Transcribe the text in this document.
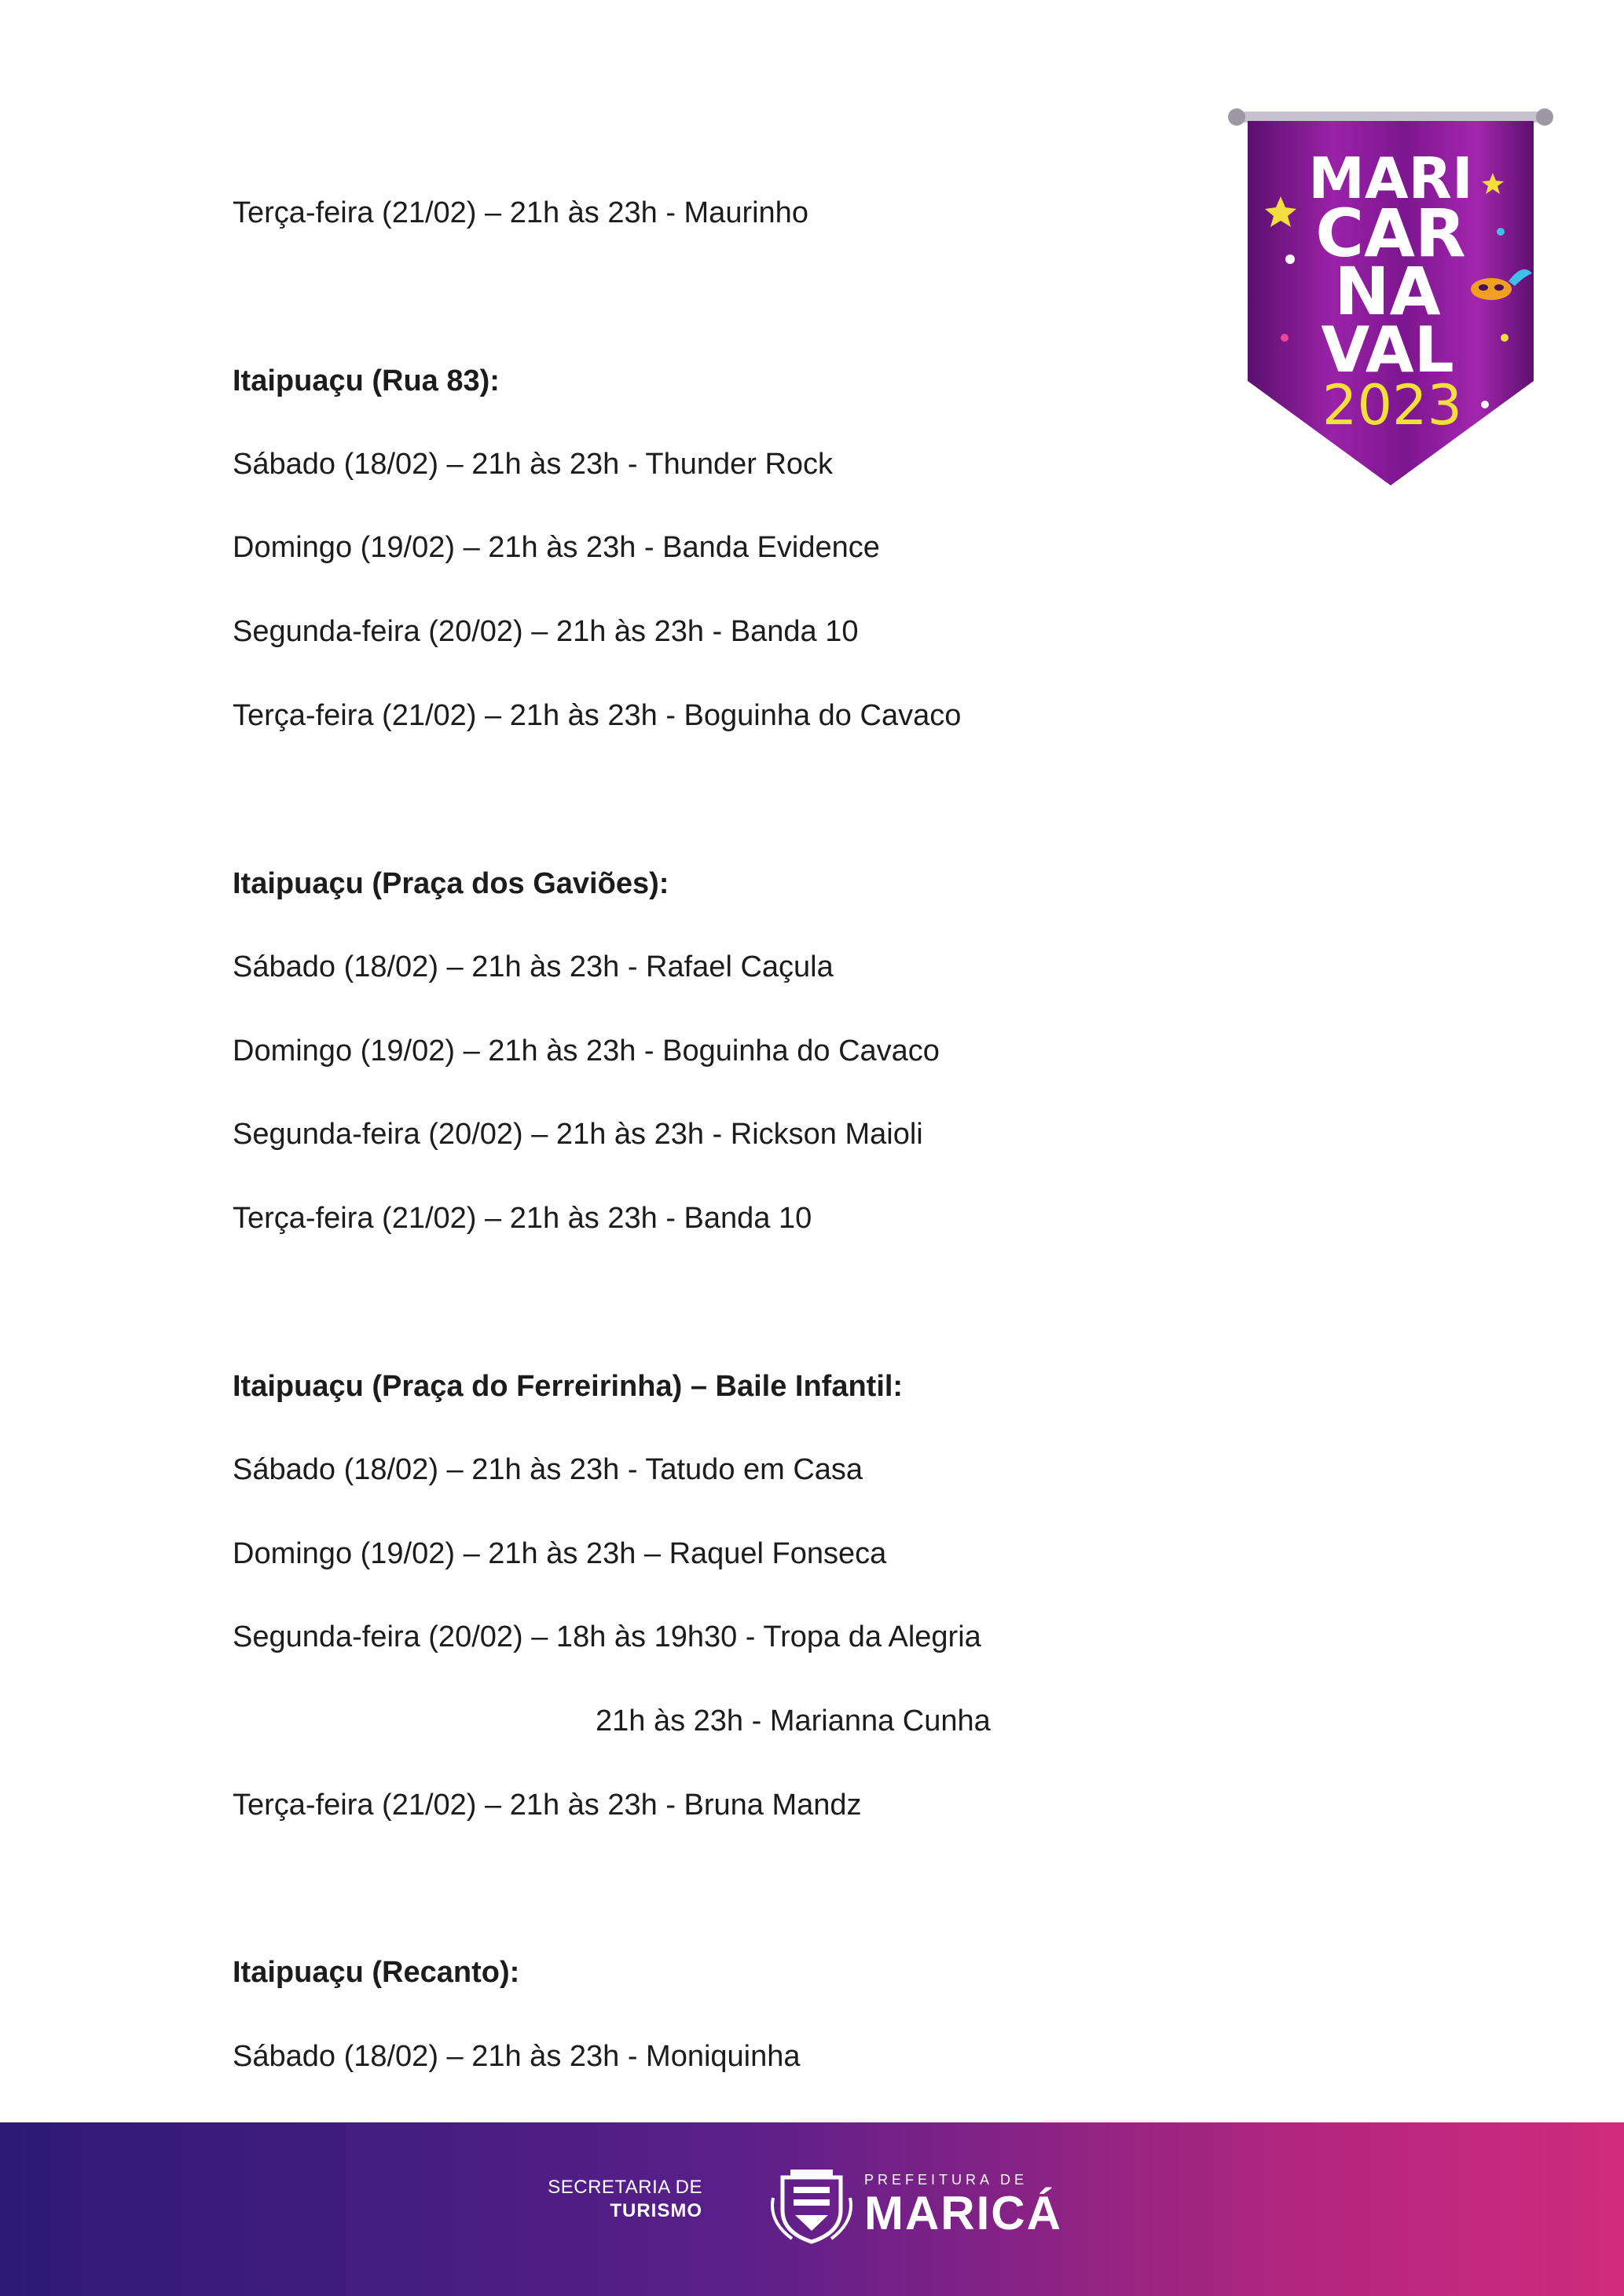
Terça-feira (21/02) – 21h às 23h - Maurinho
Itaipuaçu (Rua 83):
Sábado (18/02) – 21h às 23h - Thunder Rock
Domingo (19/02) – 21h às 23h - Banda Evidence
Segunda-feira (20/02) – 21h às 23h - Banda 10
Terça-feira (21/02) – 21h às 23h - Boguinha do Cavaco
Itaipuaçu (Praça dos Gaviões):
Sábado (18/02) – 21h às 23h - Rafael Caçula
Domingo (19/02) – 21h às 23h - Boguinha do Cavaco
Segunda-feira (20/02) – 21h às 23h - Rickson Maioli
Terça-feira (21/02) – 21h às 23h - Banda 10
Itaipuaçu (Praça do Ferreirinha) – Baile Infantil:
Sábado (18/02) – 21h às 23h - Tatudo em Casa
Domingo (19/02) – 21h às 23h – Raquel Fonseca
Segunda-feira (20/02) – 18h às 19h30 - Tropa da Alegria
21h às 23h - Marianna Cunha
Terça-feira (21/02) – 21h às 23h - Bruna Mandz
Itaipuaçu (Recanto):
Sábado (18/02) – 21h às 23h - Moniquinha
MARI
CAR
NA
VAL
2023
SECRETARIA DE
TURISMO
PREFEITURA DE
MARICÁ
